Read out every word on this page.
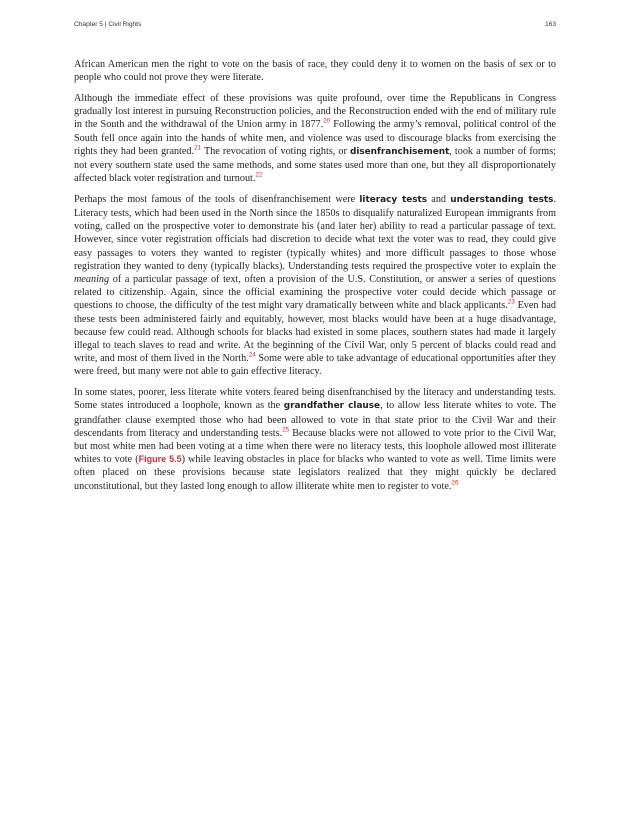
Chapter 5 | Civil Rights	163

African American men the right to vote on the basis of race, they could deny it to women on the basis of sex or to people who could not prove they were literate.

Although the immediate effect of these provisions was quite profound, over time the Republicans in Congress gradually lost interest in pursuing Reconstruction policies, and the Reconstruction ended with the end of military rule in the South and the withdrawal of the Union army in 1877.20 Following the army’s removal, political control of the South fell once again into the hands of white men, and violence was used to discourage blacks from exercising the rights they had been granted.$^{21}$ The revocation of voting rights, or disenfranchisement, took a number of forms; not every southern state used the same methods, and some states used more than one, but they all disproportionately affected black voter registration and turnout.$^{22}$

Perhaps the most famous of the tools of disenfranchisement were literacy tests and understanding tests. Literacy tests, which had been used in the North since the 1850s to disqualify naturalized European immigrants from voting, called on the prospective voter to demonstrate his (and later her) ability to read a particular passage of text. However, since voter registration officials had discretion to decide what text the voter was to read, they could give easy passages to voters they wanted to register (typically whites) and more difficult passages to those whose registration they wanted to deny (typically blacks). Understanding tests required the prospective voter to explain the meaning of a particular passage of text, often a provision of the U.S. Constitution, or answer a series of questions related to citizenship. Again, since the official examining the prospective voter could decide which passage or questions to choose, the difficulty of the test might vary dramatically between white and black applicants.$^{23}$ Even had these tests been administered fairly and equitably, however, most blacks would have been at a huge disadvantage, because few could read. Although schools for blacks had existed in some places, southern states had made it largely illegal to teach slaves to read and write. At the beginning of the Civil War, only 5 percent of blacks could read and write, and most of them lived in the North.$^{24}$ Some were able to take advantage of educational opportunities after they were freed, but many were not able to gain effective literacy.

In some states, poorer, less literate white voters feared being disenfranchised by the literacy and understanding tests. Some states introduced a loophole, known as the grandfather clause, to allow less literate whites to vote. The grandfather clause exempted those who had been allowed to vote in that state prior to the Civil War and their descendants from literacy and understanding tests.$^{25}$ Because blacks were not allowed to vote prior to the Civil War, but most white men had been voting at a time when there were no literacy tests, this loophole allowed most illiterate whites to vote (Figure 5.5) while leaving obstacles in place for blacks who wanted to vote as well. Time limits were often placed on these provisions because state legislators realized that they might quickly be declared unconstitutional, but they lasted long enough to allow illiterate white men to register to vote.$^{26}$
